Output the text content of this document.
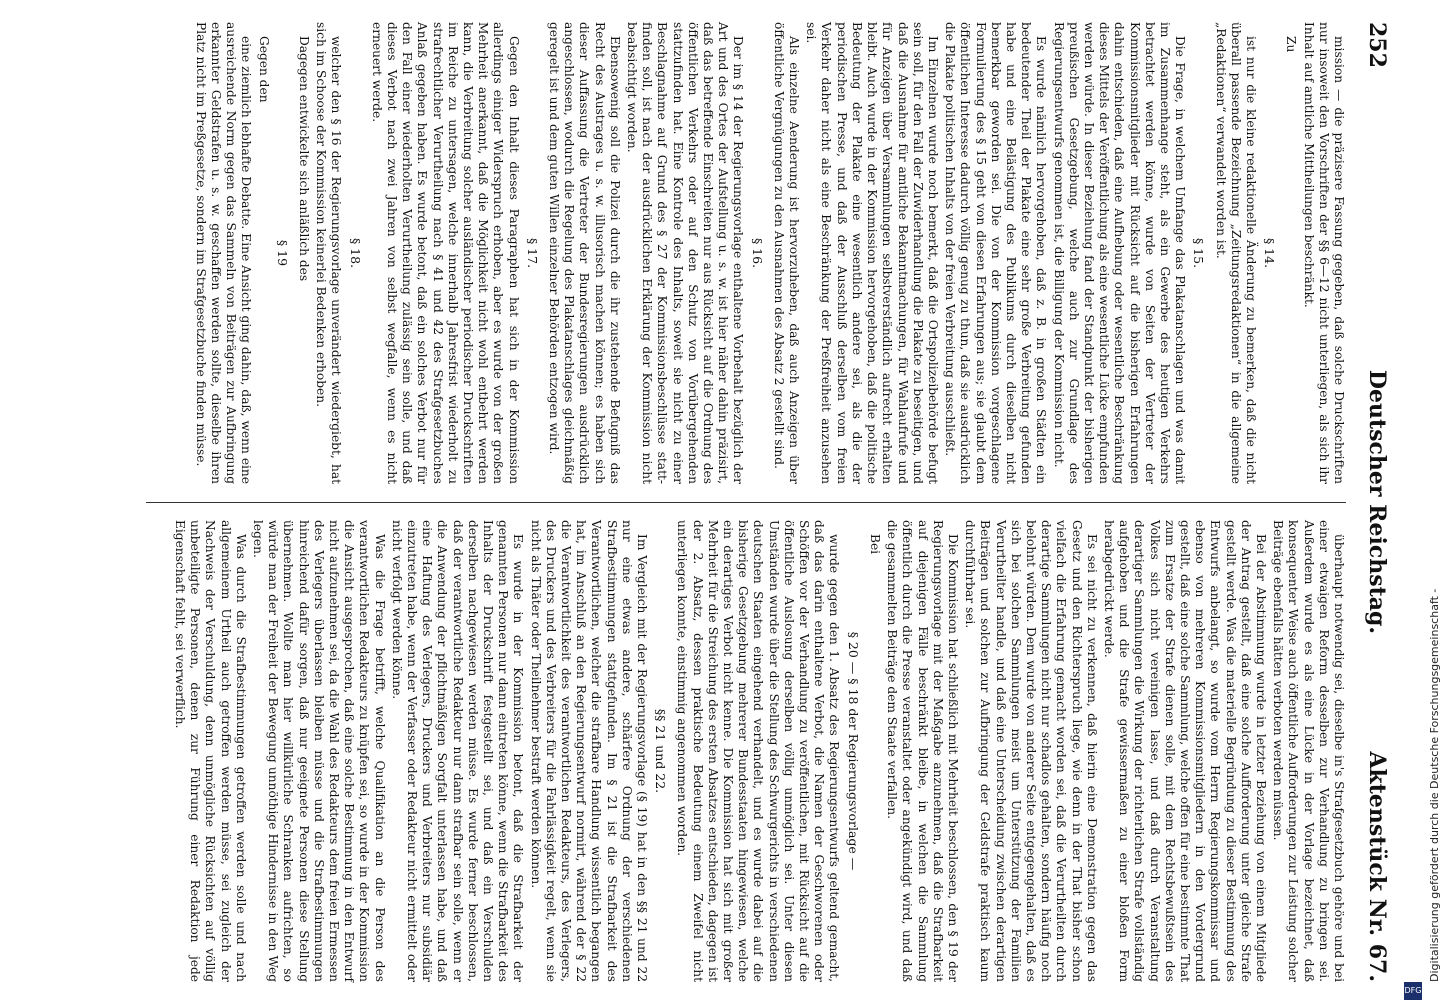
252
Deutscher Reichstag.
Aktenstück Nr. 67.

mission — die präzisere Fassung gegeben, daß solche Druckschriften nur insoweit den Vorschriften der §§ 6—12 nicht unterliegen, als sich ihr Inhalt auf amtliche Mittheilungen beschränkt.

Zu

§ 14.

ist nur die kleine redaktionelle Änderung zu bemerken, daß die nicht überall passende Bezeichnung „Zeitungsredaktionen“ in die allgemeine „Redaktionen“ verwandelt worden ist.

§ 15.

Die Frage, in welchem Umfange das Plakatanschlagen und was damit im Zusammenhange steht, als ein Gewerbe des heutigen Verkehrs betrachtet werden könne, wurde von Seiten der Vertreter der Kommissionsmitglieder mit Rücksicht auf die bisherigen Erfahrungen dahin entschieden, daß eine Aufhebung oder wesentliche Beschränkung dieses Mittels der Veröffentlichung als eine wesentliche Lücke empfunden werden würde. In dieser Beziehung fand der Standpunkt der bisherigen preußischen Gesetzgebung, welche auch zur Grundlage des Regierungsentwurfs genommen ist, die Billigung der Kommission nicht.

Es wurde nämlich hervorgehoben, daß z. B. in großen Städten ein bedeutender Theil der Plakate eine sehr große Verbreitung gefunden habe und eine Belästigung des Publikums durch dieselben nicht bemerkbar geworden sei. Die von der Kommission vorgeschlagene Formulierung des § 15 geht von diesen Erfahrungen aus; sie glaubt dem öffentlichen Interesse dadurch völlig genug zu thun, daß sie ausdrücklich die Plakate politischen Inhalts von der freien Verbreitung ausschließt.

Im Einzelnen wurde noch bemerkt, daß die Ortspolizeibehörde befugt sein soll, für den Fall der Zuwiderhandlung die Plakate zu beseitigen, und daß die Ausnahme für amtliche Bekanntmachungen, für Wahlaufrufe und für Anzeigen über Versammlungen selbstverständlich aufrecht erhalten bleibt. Auch wurde in der Kommission hervorgehoben, daß die politische Bedeutung der Plakate eine wesentlich andere sei, als die der periodischen Presse, und daß der Ausschluß derselben vom freien Verkehr daher nicht als eine Beschränkung der Preßfreiheit anzusehen sei.

Als einzelne Aenderung ist hervorzuheben, daß auch Anzeigen über öffentliche Vergnügungen zu den Ausnahmen des Absatz 2 gestellt sind.

§ 16.

Der im § 14 der Regierungsvorlage enthaltene Vorbehalt bezüglich der Art und des Ortes der Aufstellung u. s. w. ist hier näher dahin präzisirt, daß das betreffende Einschreiten nur aus Rücksicht auf die Ordnung des öffentlichen Verkehrs oder auf den Schutz von Vorübergehenden stattzufinden hat. Eine Kontrole des Inhalts, soweit sie nicht zu einer Beschlagnahme auf Grund des § 27 der Kommissionsbeschlüsse stattfinden soll, ist nach der ausdrücklichen Erklärung der Kommission nicht beabsichtigt worden.

Ebensowenig soll die Polizei durch die ihr zustehende Befugniß das Recht des Austrages u. s. w. illusorisch machen können; es haben sich dieser Auffassung die Vertreter der Bundesregierungen ausdrücklich angeschlossen, wodurch die Regelung des Plakatanschlages gleichmäßig geregelt ist und dem guten Willen einzelner Behörden entzogen wird.

§ 17.

Gegen den Inhalt dieses Paragraphen hat sich in der Kommission allerdings einiger Widerspruch erhoben, aber es wurde von der großen Mehrheit anerkannt, daß die Möglichkeit nicht wohl entbehrt werden kann, die Verbreitung solcher ausländischer periodischer Druckschriften im Reiche zu untersagen, welche innerhalb Jahresfrist wiederholt zu strafrechtlicher Verurtheilung nach § 41 und 42 des Strafgesetzbuches Anlaß gegeben haben. Es wurde betont, daß ein solches Verbot nur für den Fall einer wiederholten Verurtheilung zulässig sein solle, und daß dieses Verbot nach zwei Jahren von selbst wegfalle, wenn es nicht erneuert werde.

§ 18.

welcher den § 16 der Regierungsvorlage unverändert wiedergiebt, hat sich im Schoose der Kommission keinerlei Bedenken erhoben.

Dagegen entwickelte sich anläßlich des

§ 19

Gegen den

eine ziemlich lebhafte Debatte. Eine Ansicht ging dahin, daß, wenn eine ausreichende Norm gegen das Sammeln von Beiträgen zur Aufbringung erkannter Geldstrafen u. s. w. geschaffen werden sollte, dieselbe ihren Platz nicht im Preßgesetze, sondern im Strafgesetzbuche finden müsse.

überhaupt notwendig sei, dieselbe in's Strafgesetzbuch gehöre und bei einer etwaigen Reform desselben zur Verhandlung zu bringen sei. Außerdem wurde es als eine Lücke in der Vorlage bezeichnet, daß konsequenter Weise auch öffentliche Aufforderungen zur Leistung solcher Beiträge ebenfalls hätten verboten werden müssen.

Bei der Abstimmung wurde in letzter Beziehung von einem Mitgliede der Antrag gestellt, daß eine solche Aufforderung unter gleiche Strafe gestellt werde. Was die materielle Begründung zu dieser Bestimmung des Entwurfs anbelangt, so wurde vom Herrn Regierungskommissar und ebenso von mehreren Kommissionsmitgliedern in den Vordergrund gestellt, daß eine solche Sammlung, welche offen für eine bestimmte That zum Ersatze der Strafe dienen solle, mit dem Rechtsbewußtsein des Volkes sich nicht vereinigen lasse, und daß durch Veranstaltung derartiger Sammlungen die Wirkung der richterlichen Strafe vollständig aufgehoben und die Strafe gewissermaßen zu einer bloßen Form herabgedrückt werde.

Es sei nicht zu verkennen, daß hierin eine Demonstration gegen das Gesetz und den Richterspruch liege, wie denn in der That bisher schon vielfach die Erfahrung gemacht worden sei, daß die Verurtheilten durch derartige Sammlungen nicht nur schadlos gehalten, sondern häufig noch belohnt würden. Dem wurde von anderer Seite entgegengehalten, daß es sich bei solchen Sammlungen meist um Unterstützung der Familien Verurtheilter handle, und daß eine Unterscheidung zwischen derartigen Beiträgen und solchen zur Aufbringung der Geldstrafe praktisch kaum durchführbar sei.

Die Kommission hat schließlich mit Mehrheit beschlossen, den § 19 der Regierungsvorlage mit der Maßgabe anzunehmen, daß die Strafbarkeit auf diejenigen Fälle beschränkt bleibe, in welchen die Sammlung öffentlich durch die Presse veranstaltet oder angekündigt wird, und daß die gesammelten Beiträge dem Staate verfallen.

Bei

§ 20 — § 18 der Regierungsvorlage —

wurde gegen den 1. Absatz des Regierungsentwurfs geltend gemacht, daß das darin enthaltene Verbot, die Namen der Geschworenen oder Schöffen vor der Verhandlung zu veröffentlichen, mit Rücksicht auf die öffentliche Auslosung derselben völlig unmöglich sei. Unter diesen Umständen wurde über die Stellung des Schwurgerichts in verschiedenen deutschen Staaten eingehend verhandelt, und es wurde dabei auf die bisherige Gesetzgebung mehrerer Bundesstaaten hingewiesen, welche ein derartiges Verbot nicht kenne. Die Kommission hat sich mit großer Mehrheit für die Streichung des ersten Absatzes entschieden, dagegen ist der 2. Absatz, dessen praktische Bedeutung einem Zweifel nicht unterliegen konnte, einstimmig angenommen worden.

§§ 21 und 22.

Im Vergleich mit der Regierungsvorlage (§ 19) hat in den §§ 21 und 22 nur eine etwas andere, schärfere Ordnung der verschiedenen Strafbestimmungen stattgefunden. Im § 21 ist die Strafbarkeit des Verantwortlichen, welcher die strafbare Handlung wissentlich begangen hat, im Anschluß an den Regierungsentwurf normirt, während der § 22 die Verantwortlichkeit des verantwortlichen Redakteurs, des Verlegers, des Druckers und des Verbreiters für die Fahrlässigkeit regelt, wenn sie nicht als Thäter oder Theilnehmer bestraft werden können.

Es wurde in der Kommission betont, daß die Strafbarkeit der genannten Personen nur dann eintreten könne, wenn die Strafbarkeit des Inhalts der Druckschrift festgestellt sei, und daß ein Verschulden derselben nachgewiesen werden müsse. Es wurde ferner beschlossen, daß der verantwortliche Redakteur nur dann strafbar sein solle, wenn er die Anwendung der pflichtmäßigen Sorgfalt unterlassen habe, und daß eine Haftung des Verlegers, Druckers und Verbreiters nur subsidiär einzutreten habe, wenn der Verfasser oder Redakteur nicht ermittelt oder nicht verfolgt werden könne.

Was die Frage betrifft, welche Qualifikation an die Person des verantwortlichen Redakteurs zu knüpfen sei, so wurde in der Kommission die Ansicht ausgesprochen, daß eine solche Bestimmung in den Entwurf nicht aufzunehmen sei, da die Wahl des Redakteurs dem freien Ermessen des Verlegers überlassen bleiben müsse und die Strafbestimmungen hinreichend dafür sorgen, daß nur geeignete Personen diese Stellung übernehmen. Wollte man hier willkürliche Schranken aufrichten, so würde man der Freiheit der Bewegung unnöthige Hindernisse in den Weg legen.

Was durch die Strafbestimmungen getroffen werden solle und nach allgemeinem Urtheil auch getroffen werden müsse, sei zugleich der Nachweis der Verschuldung, denn unmögliche Rücksichten auf völlig unbeteiligte Personen, denen zur Führung einer Redaktion jede Eigenschaft fehlt, sei verwerflich.	Digitalisierung gefördert durch die Deutsche Forschungsgemeinschaft -
DFG
